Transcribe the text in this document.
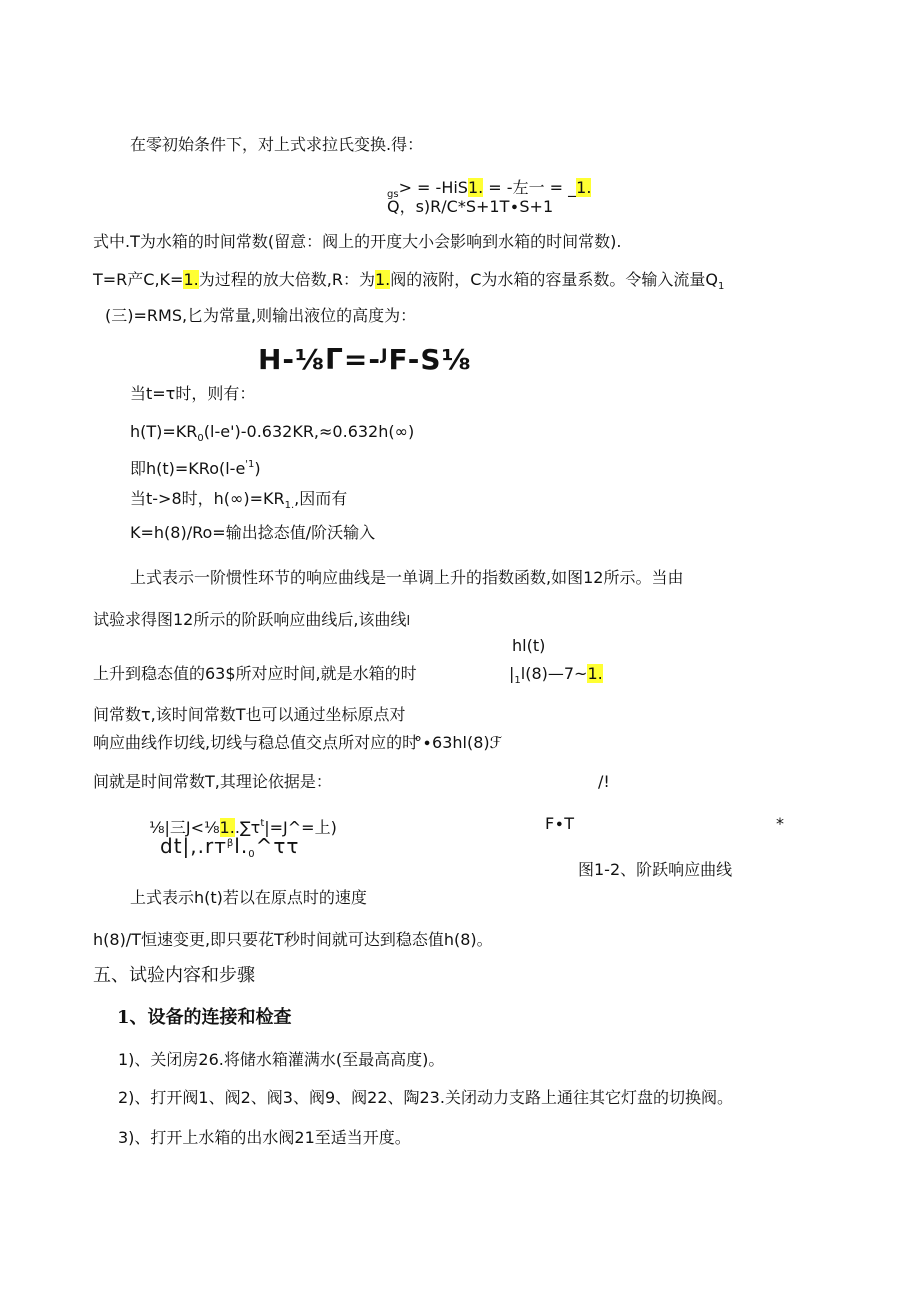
在零初始条件下，对上式求拉氏变换.得：
$_{gs}$> = -HiS1. = -左一 = _1.
Q，s)R∕C*S+1T∙S+1
式中.T为水箱的时间常数(留意：阀上的开度大小会影响到水箱的时间常数).
T=R产C,K=1.为过程的放大倍数,R：为1.阀的液附，C为水箱的容量系数。令输入流量$Q_1$
(三)=RMS,匕为常量,则输出液位的高度为：
H-⅛Γ=-ᴶF-S⅛
当t=τ时，则有：
$h(T)=KR_0(l-e')-0.632KR,\approx 0.632h(\infty)$
即$h(t)=KRo(l-e^{'1})$
当t->8时，$h(\infty)=KR_{1.}$,因而有
K=h(8)/Ro=输出捻态值/阶沃输入
上式表示一阶惯性环节的响应曲线是一单调上升的指数函数,如图12所示。当由
试验求得图12所示的阶跃响应曲线后,该曲线l
hl(t)
上升到稳态值的63$所对应时间,就是水箱的时	$|_1l(8)—7\sim 1$.
间常数τ,该时间常数T也可以通过坐标原点对
响应曲线作切线,切线与稳总值交点所对应的时
°∙63hl(8)ℱ
间就是时间常数T,其理论依据是：	/!
⅛|三$J<\frac{1}{8}1..\sum\tau^t|=J\^{}=$上)	F∙T	*
$dt|,.rт^\beta l._0\^{}\tau\tau$
图1-2、阶跃响应曲线
上式表示h(t)若以在原点时的速度
h(8)/T恒速变更,即只要花T秒时间就可达到稳态值h(8)。
五、试验内容和步骤
1、设备的连接和检查
1)、关闭房26.将储水箱灌满水(至最高高度)。
2)、打开阀1、阀2、阀3、阀9、阀22、陶23.关闭动力支路上通往其它灯盘的切换阀。
3)、打开上水箱的出水阀21至适当开度。
